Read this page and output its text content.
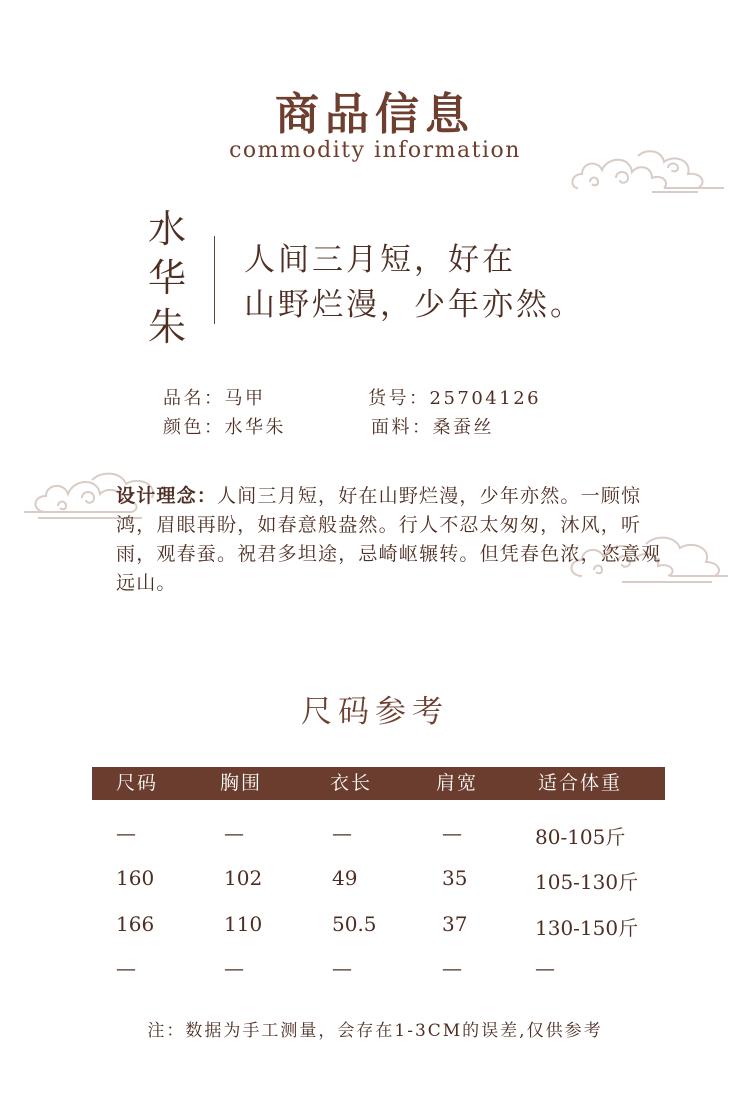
商品信息
commodity information
水
华
朱
人间三月短，好在
山野烂漫，少年亦然。
品名：马甲	货号：25704126
颜色：水华朱	面料：桑蚕丝
设计理念：人间三月短，好在山野烂漫，少年亦然。一顾惊鸿，眉眼再盼，如春意般盎然。行人不忍太匆匆，沐风，听雨，观春蚕。祝君多坦途，忌崎岖辗转。但凭春色浓，恣意观远山。
尺码参考
尺码	胸围	衣长	肩宽	适合体重
—	—	—	—	80-105斤
160	102	49	35	105-130斤
166	110	50.5	37	130-150斤
—	—	—	—	—
注：数据为手工测量，会存在1-3CM的误差,仅供参考
